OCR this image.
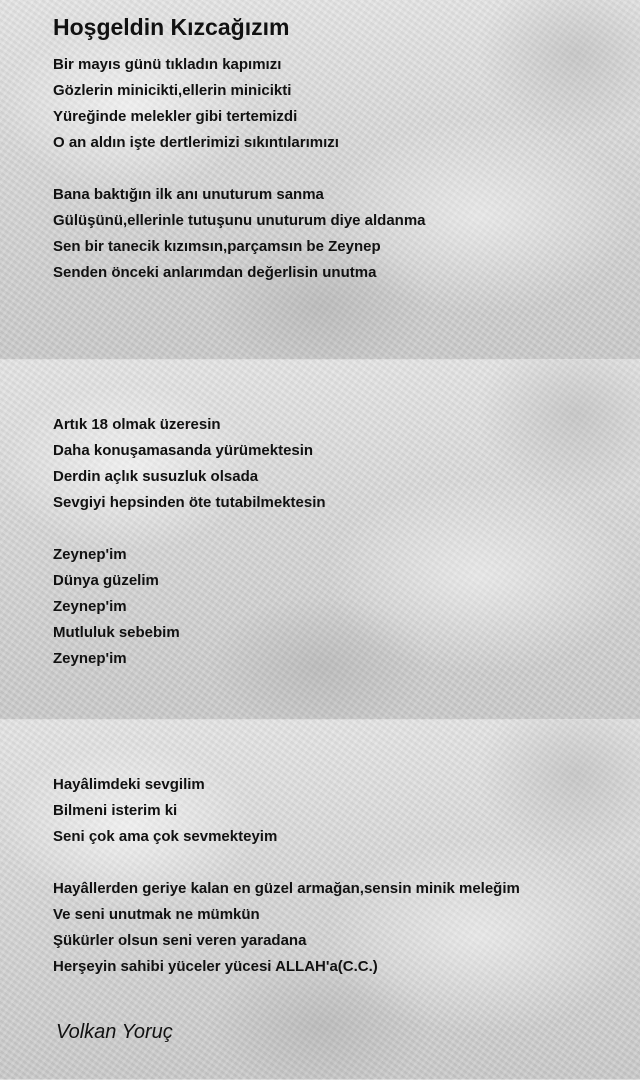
Hoşgeldin Kızcağızım
Bir mayıs günü tıkladın kapımızı
Gözlerin minicikti,ellerin minicikti
Yüreğinde melekler gibi tertemizdi
O an aldın işte dertlerimizi sıkıntılarımızı
Bana baktığın ilk anı unuturum sanma
Gülüşünü,ellerinle tutuşunu unuturum diye aldanma
Sen bir tanecik kızımsın,parçamsın be Zeynep
Senden önceki anlarımdan değerlisin unutma
Artık 18 olmak üzeresin
Daha konuşamasanda yürümektesin
Derdin açlık susuzluk olsada
Sevgiyi hepsinden öte tutabilmektesin
Zeynep'im
Dünya güzelim
Zeynep'im
Mutluluk sebebim
Zeynep'im
Hayâlimdeki sevgilim
Bilmeni isterim ki
Seni çok ama çok sevmekteyim
Hayâllerden geriye kalan en güzel armağan,sensin minik meleğim
Ve seni unutmak ne mümkün
Şükürler olsun seni veren yaradana
Herşeyin sahibi yüceler yücesi ALLAH'a(C.C.)
Volkan Yoruç
